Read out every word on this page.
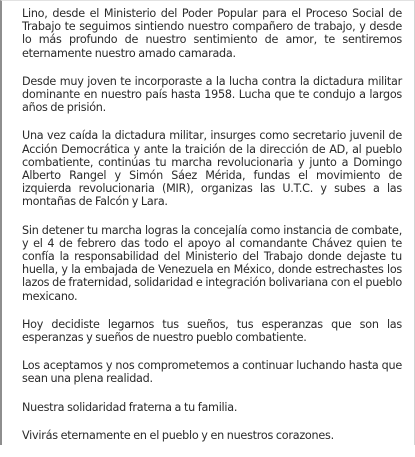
Lino, desde el Ministerio del Poder Popular para el Proceso Social de Trabajo te seguimos sintiendo nuestro compañero de trabajo, y desde lo más profundo de nuestro sentimiento de amor, te sentiremos eternamente nuestro amado camarada.

Desde muy joven te incorporaste a la lucha contra la dictadura militar dominante en nuestro país hasta 1958. Lucha que te condujo a largos años de prisión.

Una vez caída la dictadura militar, insurges como secretario juvenil de Acción Democrática y ante la traición de la dirección de AD, al pueblo combatiente, continúas tu marcha revolucionaria y junto a Domingo Alberto Rangel y Simón Sáez Mérida, fundas el movimiento de izquierda revolucionaria (MIR), organizas las U.T.C. y subes a las montañas de Falcón y Lara.

Sin detener tu marcha logras la concejalía como instancia de combate, y el 4 de febrero das todo el apoyo al comandante Chávez quien te confía la responsabilidad del Ministerio del Trabajo donde dejaste tu huella, y la embajada de Venezuela en México, donde estrechastes los lazos de fraternidad, solidaridad e integración bolivariana con el pueblo mexicano.

Hoy decidiste legarnos tus sueños, tus esperanzas que son las esperanzas y sueños de nuestro pueblo combatiente.

Los aceptamos y nos comprometemos a continuar luchando hasta que sean una plena realidad.

Nuestra solidaridad fraterna a tu familia.

Vivirás eternamente en el pueblo y en nuestros corazones.
